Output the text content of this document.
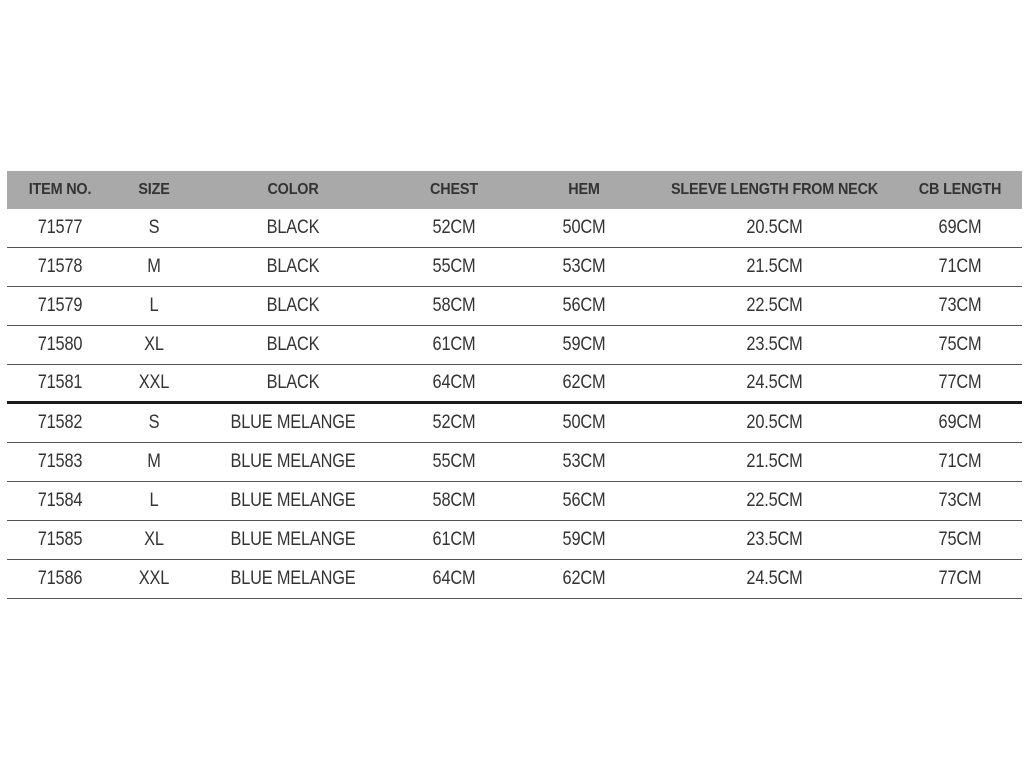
ITEM NO.	SIZE	COLOR	CHEST	HEM	SLEEVE LENGTH FROM NECK	CB LENGTH
71577	S	BLACK	52CM	50CM	20.5CM	69CM
71578	M	BLACK	55CM	53CM	21.5CM	71CM
71579	L	BLACK	58CM	56CM	22.5CM	73CM
71580	XL	BLACK	61CM	59CM	23.5CM	75CM
71581	XXL	BLACK	64CM	62CM	24.5CM	77CM
71582	S	BLUE MELANGE	52CM	50CM	20.5CM	69CM
71583	M	BLUE MELANGE	55CM	53CM	21.5CM	71CM
71584	L	BLUE MELANGE	58CM	56CM	22.5CM	73CM
71585	XL	BLUE MELANGE	61CM	59CM	23.5CM	75CM
71586	XXL	BLUE MELANGE	64CM	62CM	24.5CM	77CM
